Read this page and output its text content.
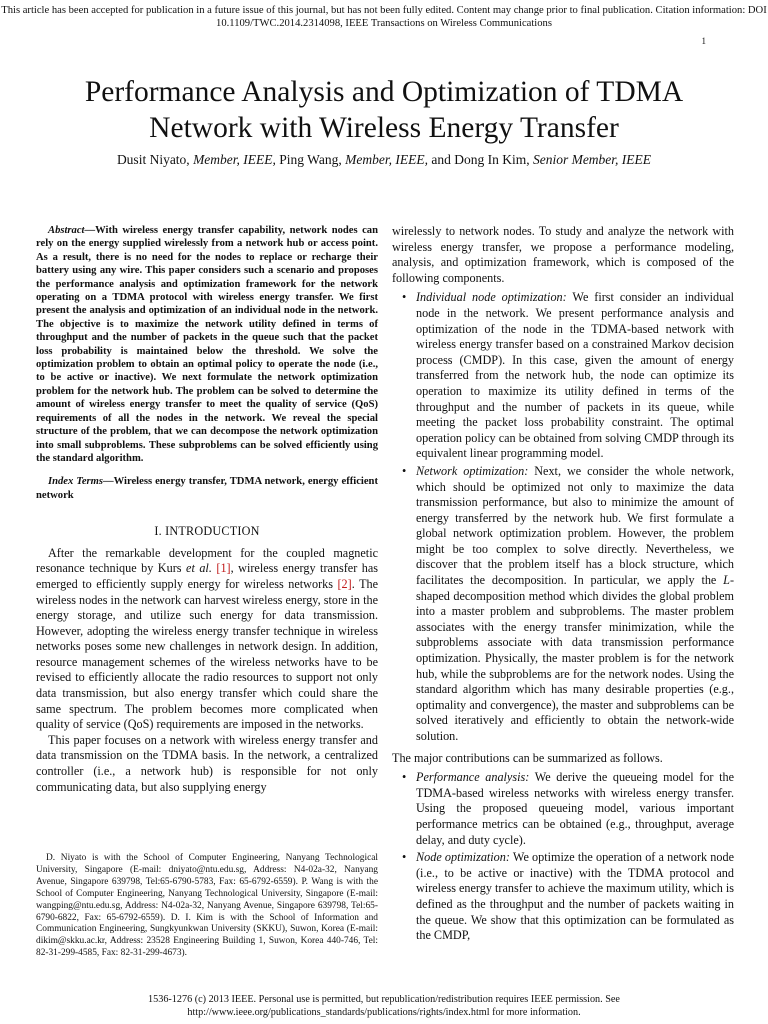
This article has been accepted for publication in a future issue of this journal, but has not been fully edited. Content may change prior to final publication. Citation information: DOI
10.1109/TWC.2014.2314098, IEEE Transactions on Wireless Communications
1
Performance Analysis and Optimization of TDMA
Network with Wireless Energy Transfer
Dusit Niyato, Member, IEEE, Ping Wang, Member, IEEE, and Dong In Kim, Senior Member, IEEE

Abstract—With wireless energy transfer capability, network nodes can rely on the energy supplied wirelessly from a network hub or access point. As a result, there is no need for the nodes to replace or recharge their battery using any wire. This paper considers such a scenario and proposes the performance analysis and optimization framework for the network operating on a TDMA protocol with wireless energy transfer. We first present the analysis and optimization of an individual node in the network. The objective is to maximize the network utility defined in terms of throughput and the number of packets in the queue such that the packet loss probability is maintained below the threshold. We solve the optimization problem to obtain an optimal policy to operate the node (i.e., to be active or inactive). We next formulate the network optimization problem for the network hub. The problem can be solved to determine the amount of wireless energy transfer to meet the quality of service (QoS) requirements of all the nodes in the network. We reveal the special structure of the problem, that we can decompose the network optimization into small subproblems. These subproblems can be solved efficiently using the standard algorithm.

Index Terms—Wireless energy transfer, TDMA network, energy efficient network

I. INTRODUCTION

After the remarkable development for the coupled magnetic resonance technique by Kurs et al. [1], wireless energy transfer has emerged to efficiently supply energy for wireless networks [2]. The wireless nodes in the network can harvest wireless energy, store in the energy storage, and utilize such energy for data transmission. However, adopting the wireless energy transfer technique in wireless networks poses some new challenges in network design. In addition, resource management schemes of the wireless networks have to be revised to efficiently allocate the radio resources to support not only data transmission, but also energy transfer which could share the same spectrum. The problem becomes more complicated when quality of service (QoS) requirements are imposed in the networks.

This paper focuses on a network with wireless energy transfer and data transmission on the TDMA basis. In the network, a centralized controller (i.e., a network hub) is responsible for not only communicating data, but also supplying energy

D. Niyato is with the School of Computer Engineering, Nanyang Technological University, Singapore (E-mail: dniyato@ntu.edu.sg, Address: N4-02a-32, Nanyang Avenue, Singapore 639798, Tel:65-6790-5783, Fax: 65-6792-6559). P. Wang is with the School of Computer Engineering, Nanyang Technological University, Singapore (E-mail: wangping@ntu.edu.sg, Address: N4-02a-32, Nanyang Avenue, Singapore 639798, Tel:65-6790-6822, Fax: 65-6792-6559). D. I. Kim is with the School of Information and Communication Engineering, Sungkyunkwan University (SKKU), Suwon, Korea (E-mail: dikim@skku.ac.kr, Address: 23528 Engineering Building 1, Suwon, Korea 440-746, Tel: 82-31-299-4585, Fax: 82-31-299-4673).

wirelessly to network nodes. To study and analyze the network with wireless energy transfer, we propose a performance modeling, analysis, and optimization framework, which is composed of the following components.

• Individual node optimization: We first consider an individual node in the network. We present performance analysis and optimization of the node in the TDMA-based network with wireless energy transfer based on a constrained Markov decision process (CMDP). In this case, given the amount of energy transferred from the network hub, the node can optimize its operation to maximize its utility defined in terms of the throughput and the number of packets in its queue, while meeting the packet loss probability constraint. The optimal operation policy can be obtained from solving CMDP through its equivalent linear programming model.
• Network optimization: Next, we consider the whole network, which should be optimized not only to maximize the data transmission performance, but also to minimize the amount of energy transferred by the network hub. We first formulate a global network optimization problem. However, the problem might be too complex to solve directly. Nevertheless, we discover that the problem itself has a block structure, which facilitates the decomposition. In particular, we apply the L-shaped decomposition method which divides the global problem into a master problem and subproblems. The master problem associates with the energy transfer minimization, while the subproblems associate with data transmission performance optimization. Physically, the master problem is for the network hub, while the subproblems are for the network nodes. Using the standard algorithm which has many desirable properties (e.g., optimality and convergence), the master and subproblems can be solved iteratively and efficiently to obtain the network-wide solution.

The major contributions can be summarized as follows.

• Performance analysis: We derive the queueing model for the TDMA-based wireless networks with wireless energy transfer. Using the proposed queueing model, various important performance metrics can be obtained (e.g., throughput, average delay, and duty cycle).
• Node optimization: We optimize the operation of a network node (i.e., to be active or inactive) with the TDMA protocol and wireless energy transfer to achieve the maximum utility, which is defined as the throughput and the number of packets waiting in the queue. We show that this optimization can be formulated as the CMDP,
1536-1276 (c) 2013 IEEE. Personal use is permitted, but republication/redistribution requires IEEE permission. See
http://www.ieee.org/publications_standards/publications/rights/index.html for more information.
